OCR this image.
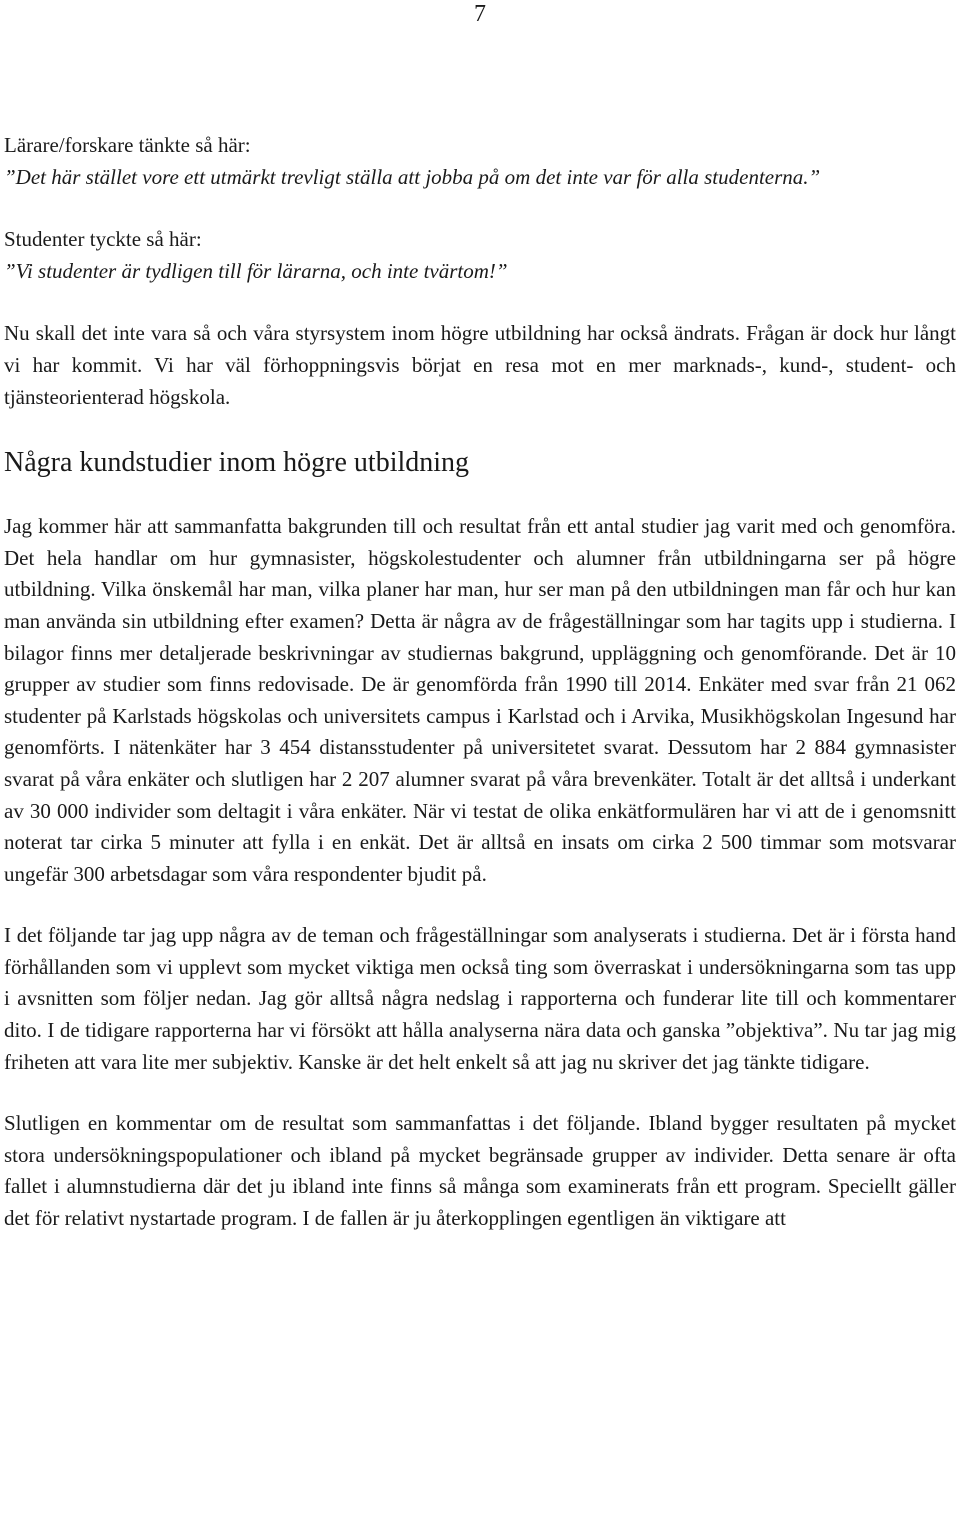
7

Lärare/forskare tänkte så här:

”Det här stället vore ett utmärkt trevligt ställa att jobba på om det inte var för alla studenterna.”

Studenter tyckte så här:

”Vi studenter är tydligen till för lärarna, och inte tvärtom!”

Nu skall det inte vara så och våra styrsystem inom högre utbildning har också ändrats. Frågan är dock hur långt vi har kommit. Vi har väl förhoppningsvis börjat en resa mot en mer marknads-, kund-, student- och tjänsteorienterad högskola.

Några kundstudier inom högre utbildning

Jag kommer här att sammanfatta bakgrunden till och resultat från ett antal studier jag varit med och genomföra. Det hela handlar om hur gymnasister, högskolestudenter och alumner från utbildningarna ser på högre utbildning. Vilka önskemål har man, vilka planer har man, hur ser man på den utbildningen man får och hur kan man använda sin utbildning efter examen? Detta är några av de frågeställningar som har tagits upp i studierna. I bilagor finns mer detaljerade beskrivningar av studiernas bakgrund, uppläggning och genomförande. Det är 10 grupper av studier som finns redovisade. De är genomförda från 1990 till 2014. Enkäter med svar från 21 062 studenter på Karlstads högskolas och universitets campus i Karlstad och i Arvika, Musikhögskolan Ingesund har genomförts. I nätenkäter har 3 454 distansstudenter på universitetet svarat. Dessutom har 2 884 gymnasister svarat på våra enkäter och slutligen har 2 207 alumner svarat på våra brevenkäter. Totalt är det alltså i underkant av 30 000 individer som deltagit i våra enkäter. När vi testat de olika enkätformulären har vi att de i genomsnitt noterat tar cirka 5 minuter att fylla i en enkät. Det är alltså en insats om cirka 2 500 timmar som motsvarar ungefär 300 arbetsdagar som våra respondenter bjudit på.

I det följande tar jag upp några av de teman och frågeställningar som analyserats i studierna. Det är i första hand förhållanden som vi upplevt som mycket viktiga men också ting som överraskat i undersökningarna som tas upp i avsnitten som följer nedan. Jag gör alltså några nedslag i rapporterna och funderar lite till och kommentarer dito. I de tidigare rapporterna har vi försökt att hålla analyserna nära data och ganska ”objektiva”. Nu tar jag mig friheten att vara lite mer subjektiv. Kanske är det helt enkelt så att jag nu skriver det jag tänkte tidigare.

Slutligen en kommentar om de resultat som sammanfattas i det följande. Ibland bygger resultaten på mycket stora undersökningspopulationer och ibland på mycket begränsade grupper av individer. Detta senare är ofta fallet i alumnstudierna där det ju ibland inte finns så många som examinerats från ett program. Speciellt gäller det för relativt nystartade program. I de fallen är ju återkopplingen egentligen än viktigare att
